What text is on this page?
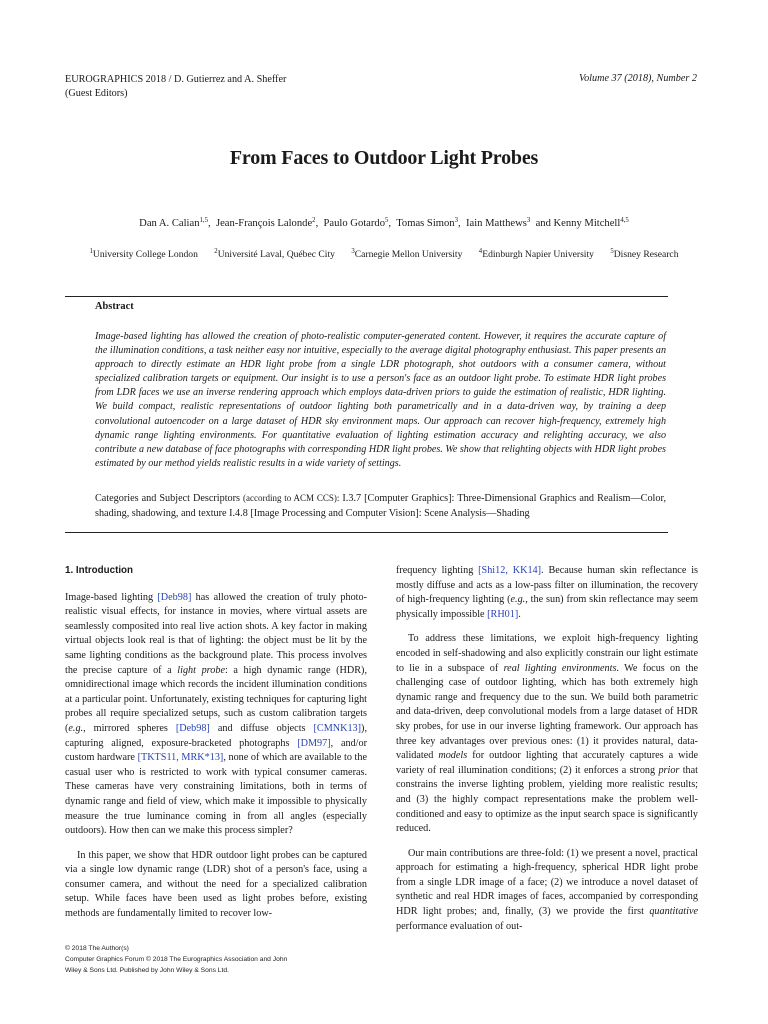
EUROGRAPHICS 2018 / D. Gutierrez and A. Sheffer
(Guest Editors)
Volume 37 (2018), Number 2
From Faces to Outdoor Light Probes
Dan A. Calian$^{1,5}$,  Jean-François Lalonde$^2$,  Paulo Gotardo$^5$,  Tomas Simon$^3$,  Iain Matthews$^3$ and Kenny Mitchell$^{4,5}$
$^1$University College London $^2$Université Laval, Québec City $^3$Carnegie Mellon University $^4$Edinburgh Napier University $^5$Disney Research
Abstract
Image-based lighting has allowed the creation of photo-realistic computer-generated content. However, it requires the accurate capture of the illumination conditions, a task neither easy nor intuitive, especially to the average digital photography enthusiast. This paper presents an approach to directly estimate an HDR light probe from a single LDR photograph, shot outdoors with a consumer camera, without specialized calibration targets or equipment. Our insight is to use a person's face as an outdoor light probe. To estimate HDR light probes from LDR faces we use an inverse rendering approach which employs data-driven priors to guide the estimation of realistic, HDR lighting. We build compact, realistic representations of outdoor lighting both parametrically and in a data-driven way, by training a deep convolutional autoencoder on a large dataset of HDR sky environment maps. Our approach can recover high-frequency, extremely high dynamic range lighting environments. For quantitative evaluation of lighting estimation accuracy and relighting accuracy, we also contribute a new database of face photographs with corresponding HDR light probes. We show that relighting objects with HDR light probes estimated by our method yields realistic results in a wide variety of settings.
Categories and Subject Descriptors (according to ACM CCS): I.3.7 [Computer Graphics]: Three-Dimensional Graphics and Realism—Color, shading, shadowing, and texture I.4.8 [Image Processing and Computer Vision]: Scene Analysis—Shading
1. Introduction

Image-based lighting [Deb98] has allowed the creation of truly photo-realistic visual effects, for instance in movies, where virtual assets are seamlessly composited into real live action shots. A key factor in making virtual objects look real is that of lighting: the object must be lit by the same lighting conditions as the background plate. This process involves the precise capture of a light probe: a high dynamic range (HDR), omnidirectional image which records the incident illumination conditions at a particular point. Unfortunately, existing techniques for capturing light probes all require specialized setups, such as custom calibration targets (e.g., mirrored spheres [Deb98] and diffuse objects [CMNK13]), capturing aligned, exposure-bracketed photographs [DM97], and/or custom hardware [TKTS11, MRK*13], none of which are available to the casual user who is restricted to work with typical consumer cameras. These cameras have very constraining limitations, both in terms of dynamic range and field of view, which make it impossible to physically measure the true luminance coming in from all angles (especially outdoors). How then can we make this process simpler?

In this paper, we show that HDR outdoor light probes can be captured via a single low dynamic range (LDR) shot of a person's face, using a consumer camera, and without the need for a specialized calibration setup. While faces have been used as light probes before, existing methods are fundamentally limited to recover low-

frequency lighting [Shi12, KK14]. Because human skin reflectance is mostly diffuse and acts as a low-pass filter on illumination, the recovery of high-frequency lighting (e.g., the sun) from skin reflectance may seem physically impossible [RH01].

To address these limitations, we exploit high-frequency lighting encoded in self-shadowing and also explicitly constrain our light estimate to lie in a subspace of real lighting environments. We focus on the challenging case of outdoor lighting, which has both extremely high dynamic range and frequency due to the sun. We build both parametric and data-driven, deep convolutional models from a large dataset of HDR sky probes, for use in our inverse lighting framework. Our approach has three key advantages over previous ones: (1) it provides natural, data-validated models for outdoor lighting that accurately captures a wide variety of real illumination conditions; (2) it enforces a strong prior that constrains the inverse lighting problem, yielding more realistic results; and (3) the highly compact representations make the problem well-conditioned and easy to optimize as the input search space is significantly reduced.

Our main contributions are three-fold: (1) we present a novel, practical approach for estimating a high-frequency, spherical HDR light probe from a single LDR image of a face; (2) we introduce a novel dataset of synthetic and real HDR images of faces, accompanied by corresponding HDR light probes; and, finally, (3) we provide the first quantitative performance evaluation of out-

© 2018 The Author(s)
Computer Graphics Forum © 2018 The Eurographics Association and John
Wiley & Sons Ltd. Published by John Wiley & Sons Ltd.
